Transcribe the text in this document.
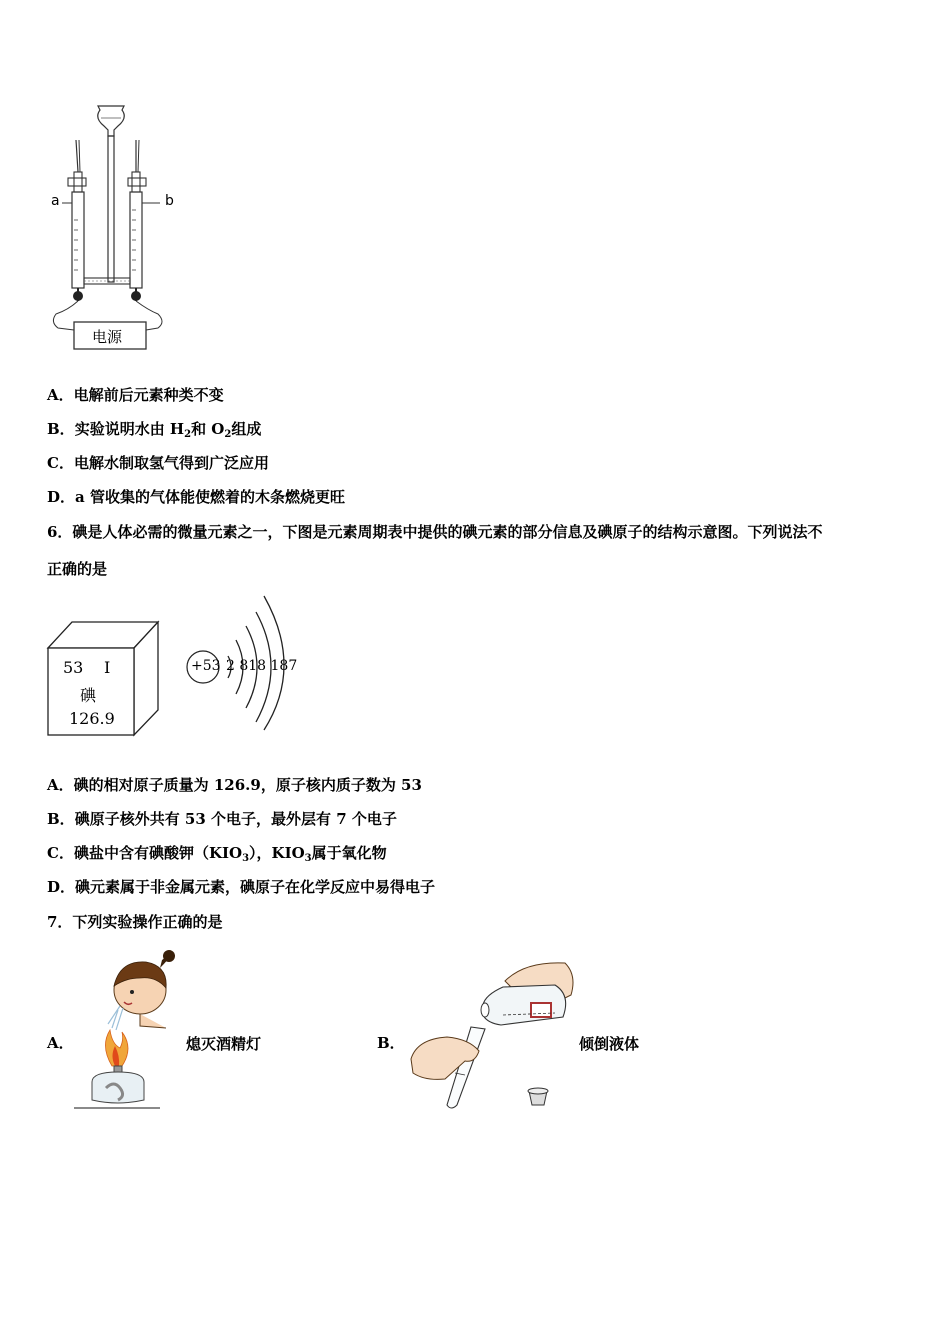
a	b
电源
A．电解前后元素种类不变
B．实验说明水由 $H_2$和 $O_2$组成
C．电解水制取氢气得到广泛应用
D．a 管收集的气体能使燃着的木条燃烧更旺
6．碘是人体必需的微量元素之一，下图是元素周期表中提供的碘元素的部分信息及碘原子的结构示意图。下列说法不
正确的是
53 I
碘
126.9
+53 2 818 187
A．碘的相对原子质量为 126.9，原子核内质子数为 53
B．碘原子核外共有 53 个电子，最外层有 7 个电子
C．碘盐中含有碘酸钾$(KIO_3)$，$KIO_3$属于氧化物
D．碘元素属于非金属元素，碘原子在化学反应中易得电子
7．下列实验操作正确的是
A．	熄灭酒精灯	B．	倾倒液体
